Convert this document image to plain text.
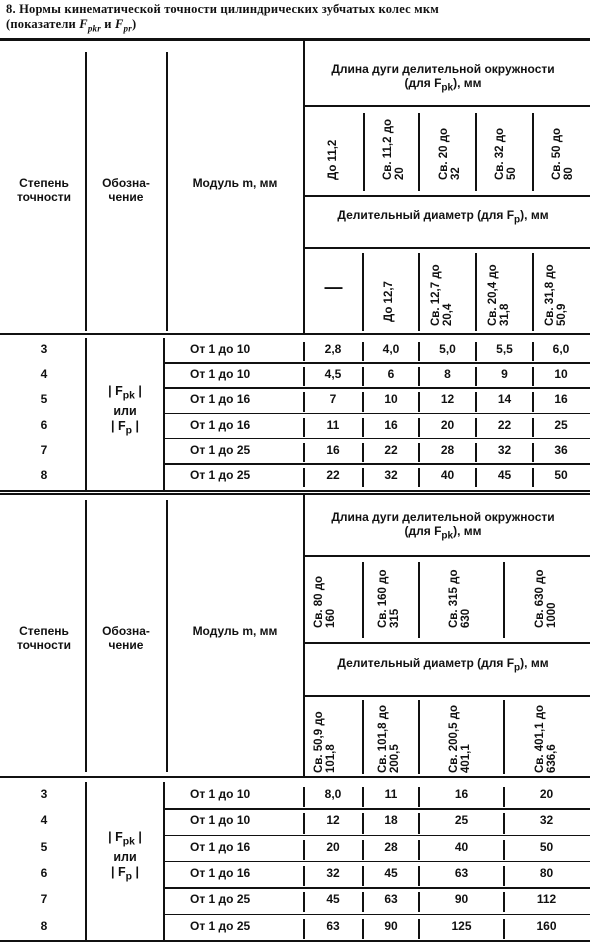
8. Нормы кинематической точности цилиндрических зубчатых колес мкм
(показатели $F_{pkr}$ и $F_{pr}$)
Степень точности
Обозна- чение
Модуль m, мм
Длина дуги делительной окружности (для $F_{pk}$), мм
Делительный диаметр (для $F_p$), мм
До 11,2	Св. 11,2 до 20	Св. 20 до 32	Св. 32 до 50	Св. 50 до 80
—	До 12,7	Св. 12,7 до 20,4	Св. 20,4 до 31,8	Св. 31,8 до 50,9
3	От 1 до 10	2,8	4,0	5,0	5,5	6,0
4	От 1 до 10	4,5	6	8	9	10
5	От 1 до 16	7	10	12	14	16
6	От 1 до 16	11	16	20	22	25
7	От 1 до 25	16	22	28	32	36
8	От 1 до 25	22	32	40	45	50
| $F_{pk}$ |
или
| $F_p$ |
Степень точности
Обозна- чение
Модуль m, мм
Длина дуги делительной окружности (для $F_{pk}$), мм
Делительный диаметр (для $F_p$), мм
Св. 80 до 160	Св. 160 до 315	Св. 315 до 630	Св. 630 до 1000
Св. 50,9 до 101,8	Св. 101,8 до 200,5	Св. 200,5 до 401,1	Св. 401,1 до 636,6
3	От 1 до 10	8,0	11	16	20
4	От 1 до 10	12	18	25	32
5	От 1 до 16	20	28	40	50
6	От 1 до 16	32	45	63	80
7	От 1 до 25	45	63	90	112
8	От 1 до 25	63	90	125	160
| $F_{pk}$ |
или
| $F_p$ |
